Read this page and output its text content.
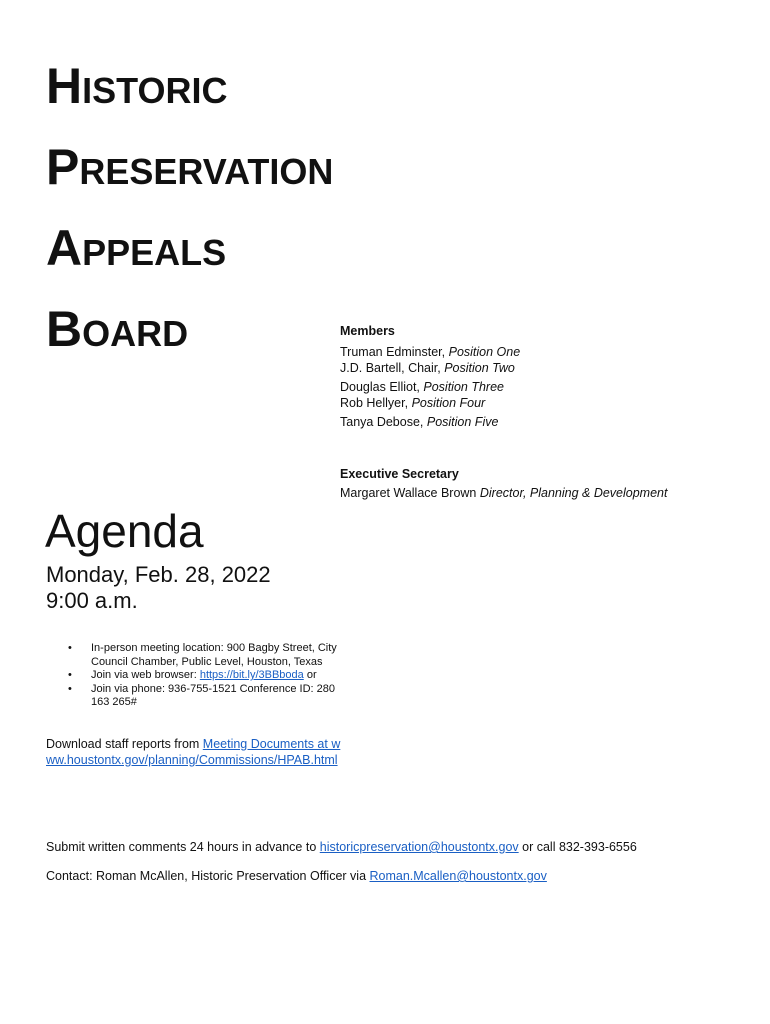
HISTORIC
PRESERVATION
APPEALS
BOARD	Members
Truman Edminster, Position One
J.D. Bartell, Chair, Position Two
Douglas Elliot, Position Three
Rob Hellyer, Position Four
Tanya Debose, Position Five
Executive Secretary
Margaret Wallace Brown Director, Planning & Development
Agenda
Monday, Feb. 28, 2022
9:00 a.m.
• In-person meeting location: 900 Bagby Street, City Council Chamber, Public Level, Houston, Texas
• Join via web browser: https://bit.ly/3BBboda or
• Join via phone: 936-755-1521 Conference ID: 280 163 265#
Download staff reports from Meeting Documents at www.houstontx.gov/planning/Commissions/HPAB.html
Submit written comments 24 hours in advance to historicpreservation@houstontx.gov or call 832-393-6556
Contact: Roman McAllen, Historic Preservation Officer via Roman.Mcallen@houstontx.gov
